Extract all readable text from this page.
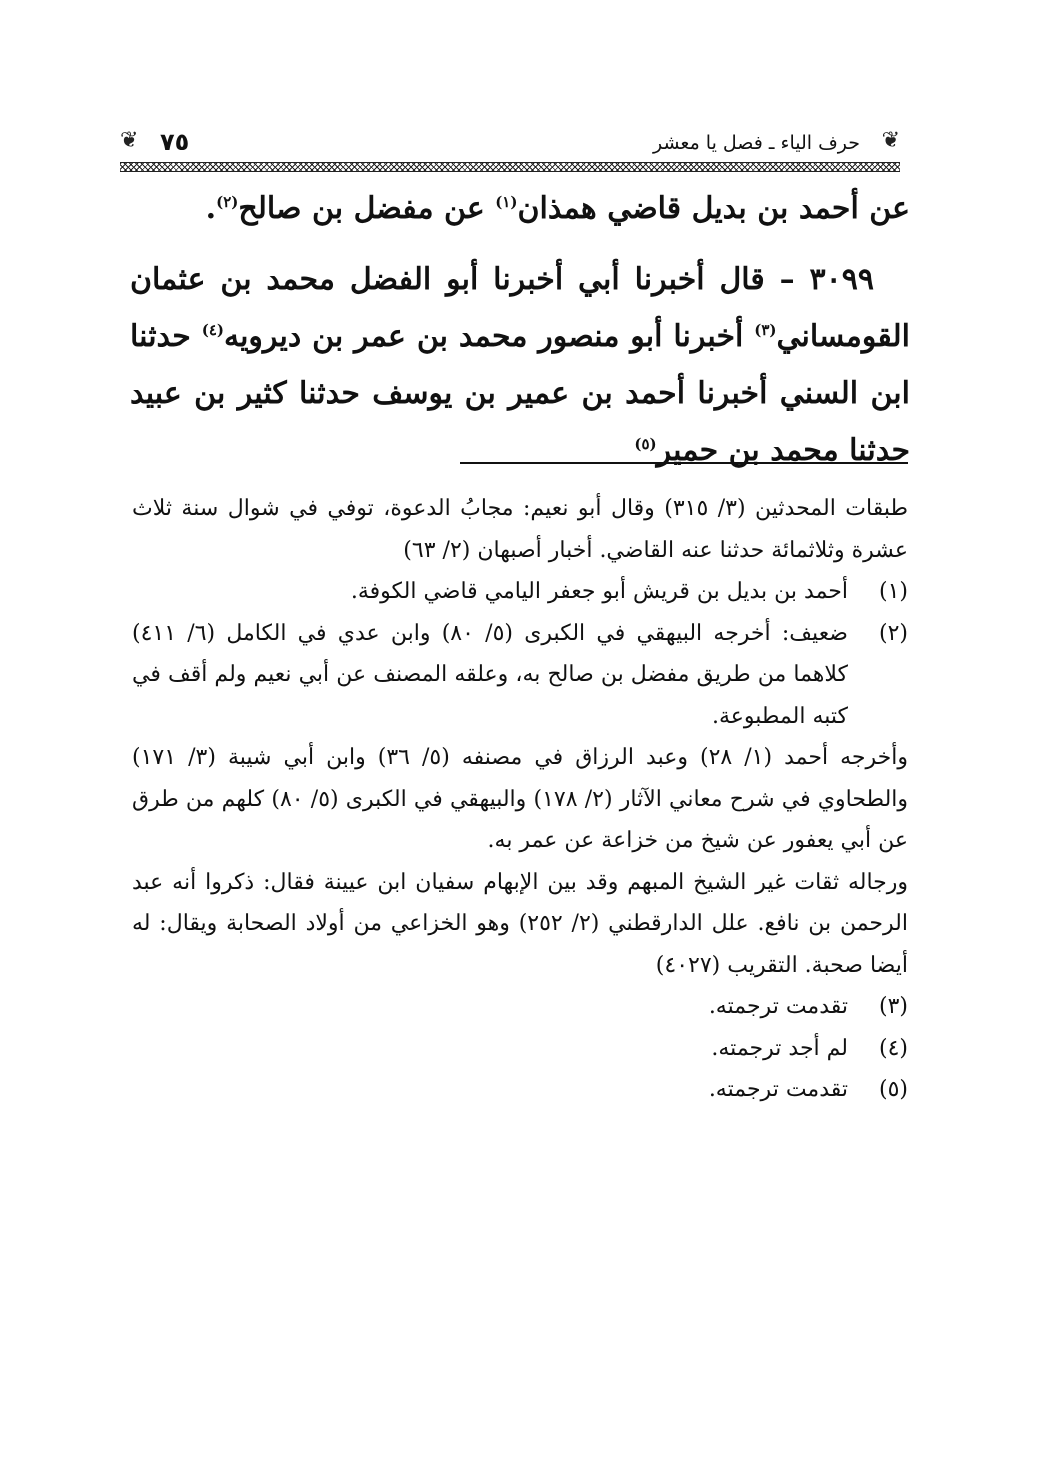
❦
حرف الياء ـ فصل يا معشر
٧٥
❦

عن أحمد بن بديل قاضي همذان$^{(١)}$ عن مفضل بن صالح$^{(٢)}$.

٣٠٩٩ – قال أخبرنا أبي أخبرنا أبو الفضل محمد بن عثمان القومساني$^{(٣)}$ أخبرنا أبو منصور محمد بن عمر بن ديرويه$^{(٤)}$ حدثنا ابن السني أخبرنا أحمد بن عمير بن يوسف حدثنا كثير بن عبيد حدثنا محمد بن حمير$^{(٥)}$

طبقات المحدثين (٣/ ٣١٥) وقال أبو نعيم: مجابُ الدعوة، توفي في شوال سنة ثلاث عشرة وثلاثمائة حدثنا عنه القاضي. أخبار أصبهان (٢/ ٦٣)

(١)
أحمد بن بديل بن قريش أبو جعفر اليامي قاضي الكوفة.
(٢)
ضعيف: أخرجه البيهقي في الكبرى (٥/ ٨٠) وابن عدي في الكامل (٦/ ٤١١) كلاهما من طريق مفضل بن صالح به، وعلقه المصنف عن أبي نعيم ولم أقف في كتبه المطبوعة.

وأخرجه أحمد (١/ ٢٨) وعبد الرزاق في مصنفه (٥/ ٣٦) وابن أبي شيبة (٣/ ١٧١) والطحاوي في شرح معاني الآثار (٢/ ١٧٨) والبيهقي في الكبرى (٥/ ٨٠) كلهم من طرق عن أبي يعفور عن شيخ من خزاعة عن عمر به.

ورجاله ثقات غير الشيخ المبهم وقد بين الإبهام سفيان ابن عيينة فقال: ذكروا أنه عبد الرحمن بن نافع. علل الدارقطني (٢/ ٢٥٢) وهو الخزاعي من أولاد الصحابة ويقال: له أيضا صحبة. التقريب (٤٠٢٧)

(٣)
تقدمت ترجمته.
(٤)
لم أجد ترجمته.
(٥)
تقدمت ترجمته.
